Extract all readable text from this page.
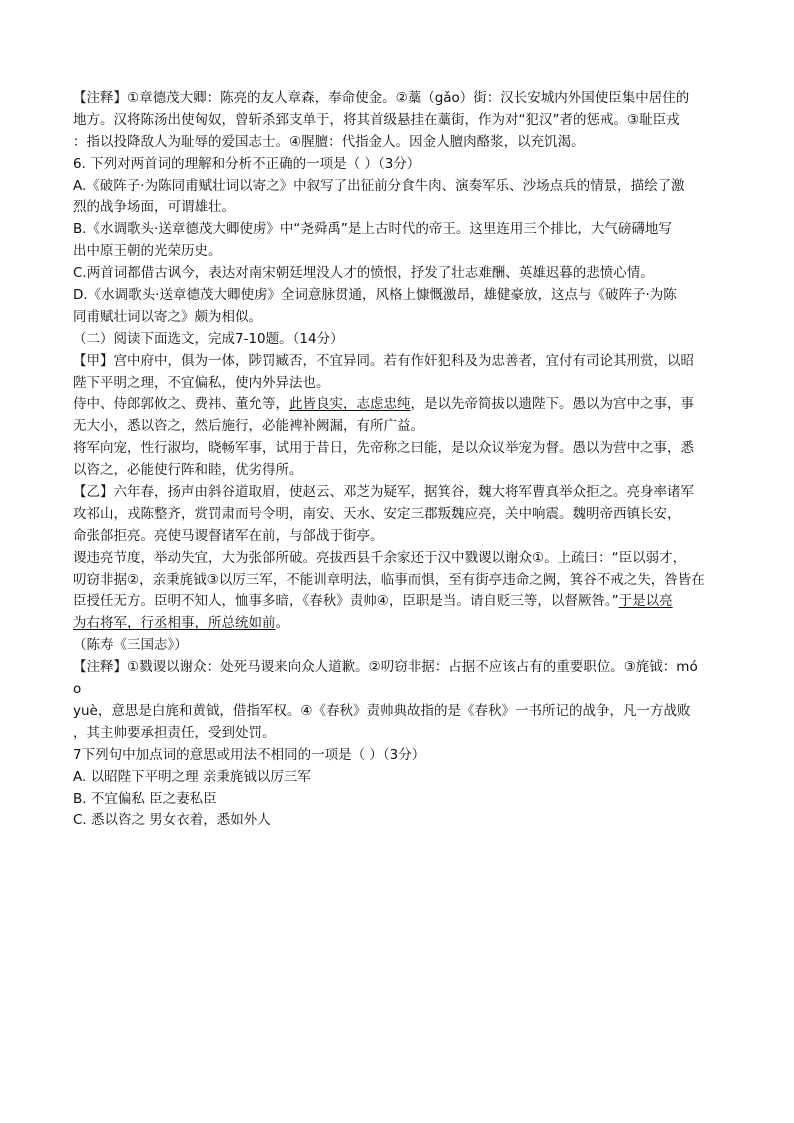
【注释】①章德茂大卿：陈亮的友人章森，奉命使金。②藁（gǎo）街：汉长安城内外国使臣集中居住的
地方。汉将陈汤出使匈奴，曾斩杀郅支单于，将其首级悬挂在藁街，作为对“犯汉”者的惩戒。③耻臣戎
：指以投降敌人为耻辱的爱国志士。④腥膻：代指金人。因金人膻肉酪浆，以充饥渴。
6. 下列对两首词的理解和分析不正确的一项是（ ）（3分）
A.《破阵子·为陈同甫赋壮词以寄之》中叙写了出征前分食牛肉、演奏军乐、沙场点兵的情景，描绘了激
烈的战争场面，可谓雄壮。
B.《水调歌头·送章德茂大卿使虏》中“尧舜禹”是上古时代的帝王。这里连用三个排比，大气磅礴地写
出中原王朝的光荣历史。
C.两首词都借古讽今，表达对南宋朝廷埋没人才的愤恨，抒发了壮志难酬、英雄迟暮的悲愤心情。
D.《水调歌头·送章德茂大卿使虏》全词意脉贯通，风格上慷慨激昂，雄健豪放，这点与《破阵子·为陈
同甫赋壮词以寄之》颇为相似。
（二）阅读下面选文，完成7-10题。（14分）
【甲】宫中府中，俱为一体，陟罚臧否，不宜异同。若有作奸犯科及为忠善者，宜付有司论其刑赏，以昭
陛下平明之理，不宜偏私，使内外异法也。
侍中、侍郎郭攸之、费祎、董允等，此皆良实，志虑忠纯，是以先帝简拔以遗陛下。愚以为宫中之事，事
无大小，悉以咨之，然后施行，必能裨补阙漏，有所广益。
将军向宠，性行淑均，晓畅军事，试用于昔日，先帝称之曰能，是以众议举宠为督。愚以为营中之事，悉
以咨之，必能使行阵和睦，优劣得所。
【乙】六年春，扬声由斜谷道取眉，使赵云、邓芝为疑军，据箕谷，魏大将军曹真举众拒之。亮身率诸军
攻祁山，戎陈整齐，赏罚肃而号令明，南安、天水、安定三郡叛魏应亮，关中响震。魏明帝西镇长安，
命张郃拒亮。亮使马谡督诸军在前，与郃战于街亭。
谡违亮节度，举动失宜，大为张郃所破。亮拔西县千余家还于汉中戮谡以谢众①。上疏曰：“臣以弱才，
叨窃非据②，亲秉旄钺③以厉三军，不能训章明法，临事而惧，至有街亭违命之阙，箕谷不戒之失，咎皆在
臣授任无方。臣明不知人，恤事多暗，《春秋》责帅④，臣职是当。请自贬三等，以督厥咎。”于是以亮
为右将军，行丞相事，所总统如前。
（陈寿《三国志》）
【注释】①戮谡以谢众：处死马谡来向众人道歉。②叨窃非据：占据不应该占有的重要职位。③旄钺：mó
o
yuè，意思是白旄和黄钺，借指军权。④《春秋》责帅典故指的是《春秋》一书所记的战争，凡一方战败
，其主帅要承担责任，受到处罚。
7下列句中加点词的意思或用法不相同的一项是（ ）（3分）
A. 以昭陛下平明之理 亲秉旄钺以厉三军
B. 不宜偏私 臣之妻私臣
C. 悉以咨之 男女衣着，悉如外人
